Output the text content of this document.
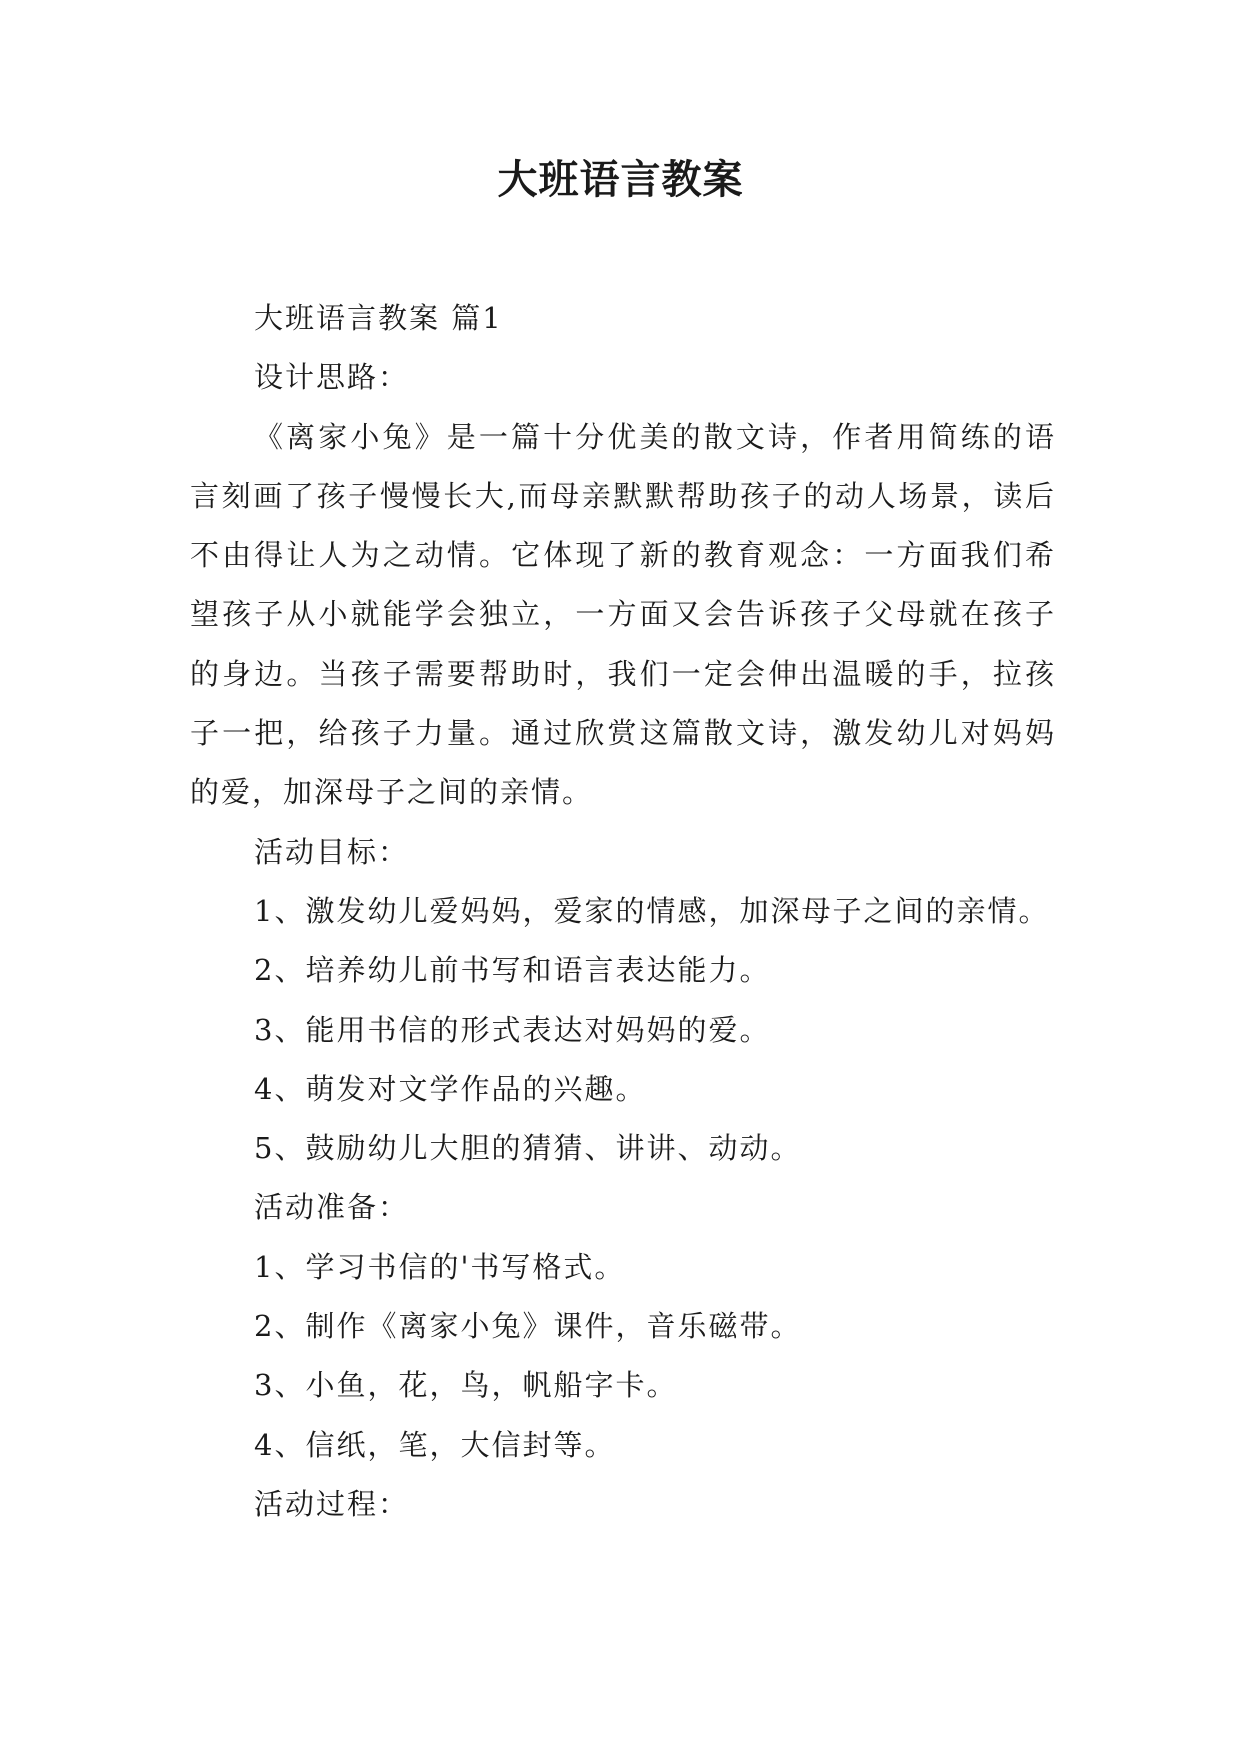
大班语言教案

大班语言教案 篇1

设计思路：

《离家小兔》是一篇十分优美的散文诗，作者用简练的语言刻画了孩子慢慢长大,而母亲默默帮助孩子的动人场景，读后不由得让人为之动情。它体现了新的教育观念：一方面我们希望孩子从小就能学会独立，一方面又会告诉孩子父母就在孩子的身边。当孩子需要帮助时，我们一定会伸出温暖的手，拉孩子一把，给孩子力量。通过欣赏这篇散文诗，激发幼儿对妈妈的爱，加深母子之间的亲情。

活动目标：

1、激发幼儿爱妈妈，爱家的情感，加深母子之间的亲情。

2、培养幼儿前书写和语言表达能力。

3、能用书信的形式表达对妈妈的爱。

4、萌发对文学作品的兴趣。

5、鼓励幼儿大胆的猜猜、讲讲、动动。

活动准备：

1、学习书信的'书写格式。

2、制作《离家小兔》课件，音乐磁带。

3、小鱼，花，鸟，帆船字卡。

4、信纸，笔，大信封等。

活动过程：
